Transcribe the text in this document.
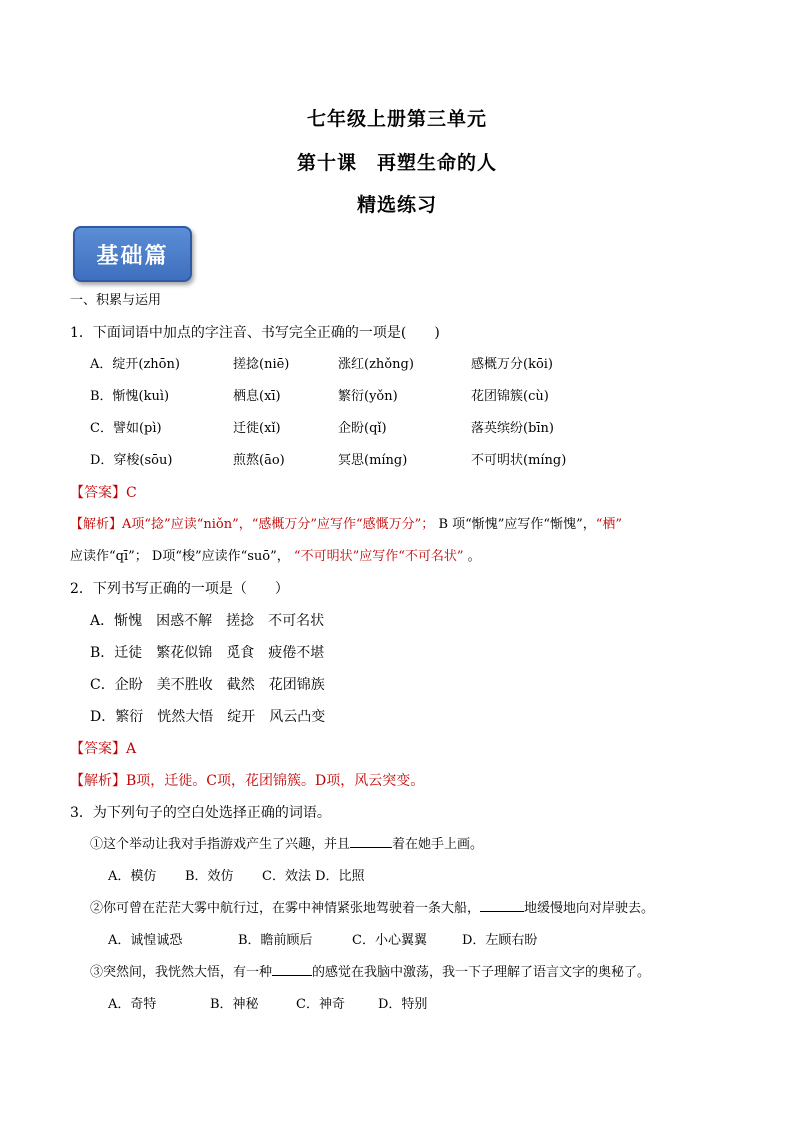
七年级上册第三单元
第十课　再塑生命的人
精选练习
基础篇
一、积累与运用
1．下面词语中加点的字注音、书写完全正确的一项是(　　)
A．绽开(zhōn)	搓捻(niē)	涨红(zhǒng)	感概万分(kōi)
B．惭愧(kuì)	栖息(xī)	繁衍(yǒn)	花团锦簇(cù)
C．譬如(pì)	迁徙(xǐ)	企盼(qǐ)	落英缤纷(bīn)
D．穿梭(sōu)	煎熬(āo)	冥思(míng)	不可明状(míng)
【答案】C
【解析】A项“捻”应读“niǒn”，“感概万分”应写作“感慨万分”； B 项“惭愧”应写作“惭愧”，“栖”
应读作“qī”； D项“梭”应读作“suō”， “不可明状”应写作“不可名状” 。
2．下列书写正确的一项是（　　）
A．惭愧　困惑不解　搓捻　不可名状
B．迁徒　繁花似锦　觅食　疲倦不堪
C．企盼　美不胜收　截然　花团锦族
D．繁衍　恍然大悟　绽开　风云凸变
【答案】A
【解析】B项，迁徙。C项，花团锦簇。D项，风云突变。
3．为下列句子的空白处选择正确的词语。
①这个举动让我对手指游戏产生了兴趣，并且	着在她手上画。
A．模仿 B．效仿 C．效法 D．比照
②你可曾在茫茫大雾中航行过，在雾中神情紧张地驾驶着一条大船，	地缓慢地向对岸驶去。
A．诚惶诚恐	B．瞻前顾后	C．小心翼翼	D．左顾右盼
③突然间，我恍然大悟，有一种	的感觉在我脑中激荡，我一下子理解了语言文字的奥秘了。
A．奇特	B．神秘	C．神奇	D．特别
